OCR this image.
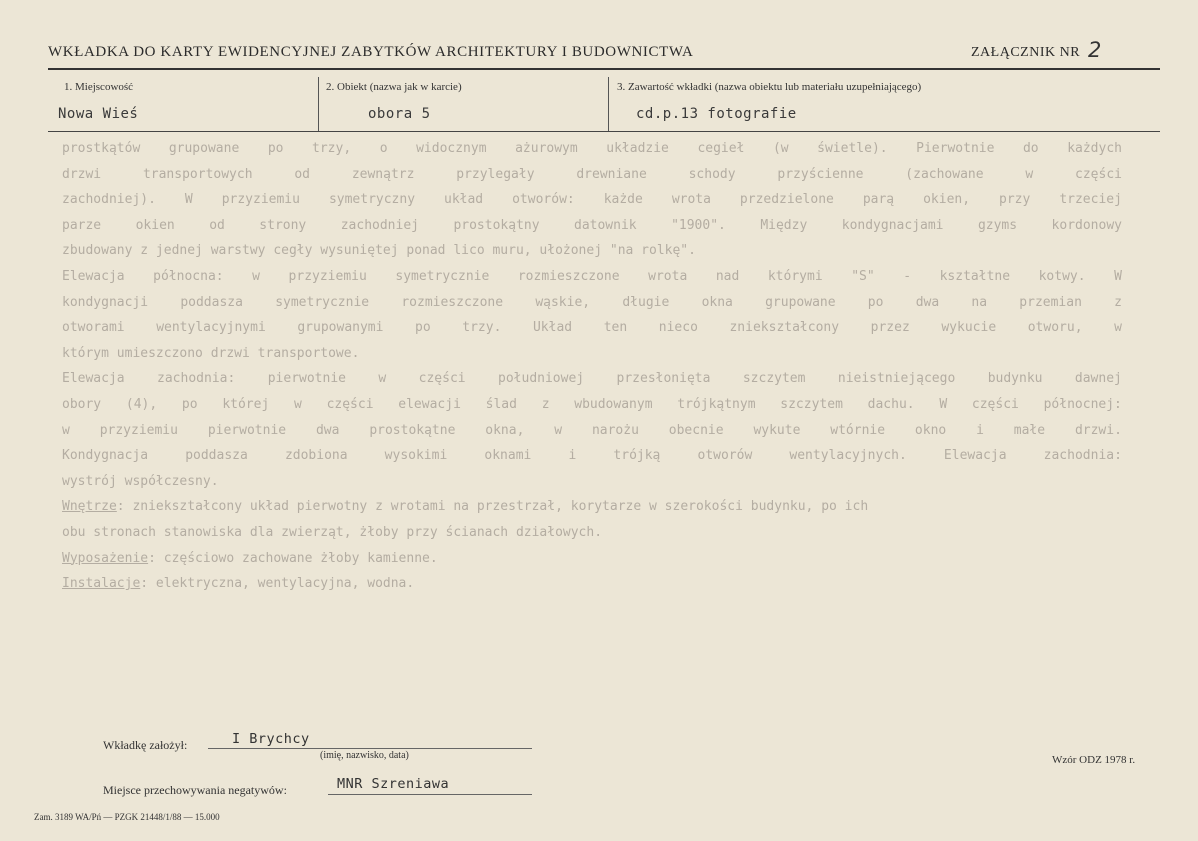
WKŁADKA DO KARTY EWIDENCYJNEJ ZABYTKÓW ARCHITEKTURY I BUDOWNICTWA	ZAŁĄCZNIK NR 2
1. Miejscowość
Nowa Wieś
2. Obiekt (nazwa jak w karcie)
obora 5
3. Zawartość wkładki (nazwa obiektu lub materiału uzupełniającego)
cd.p.13 fotografie
prostkątów grupowane po trzy, o widocznym ażurowym układzie cegieł (w świetle). Pierwotnie do każdych
drzwi	transportowych	od	zewnątrz	przylegały	drewniane	schody	przyścienne	(zachowane	w	części
zachodniej). W przyziemiu symetryczny układ otworów: każde wrota przedzielone parą okien, przy trzeciej
parze	okien	od	strony	zachodniej	prostokątny	datownik	"1900".	Między	kondygnacjami	gzyms	kordonowy
zbudowany z jednej warstwy cegły wysuniętej ponad lico muru, ułożonej "na rolkę".
Elewacja północna: w przyziemiu symetrycznie rozmieszczone wrota nad którymi "S" - kształtne kotwy. W
kondygnacji poddasza symetrycznie rozmieszczone wąskie, długie okna grupowane po dwa na przemian z
otworami wentylacyjnymi grupowanymi po trzy. Układ ten nieco zniekształcony przez wykucie otworu, w
którym umieszczono drzwi transportowe.
Elewacja zachodnia: pierwotnie w części południowej przesłonięta szczytem nieistniejącego budynku dawnej
obory (4), po której w części elewacji ślad z wbudowanym trójkątnym szczytem dachu. W części północnej:
w przyziemiu pierwotnie dwa prostokątne okna, w narożu obecnie wykute wtórnie okno i małe drzwi.
Kondygnacja	poddasza	zdobiona	wysokimi	oknami	i	trójką	otworów	wentylacyjnych.	Elewacja	zachodnia:
wystrój współczesny.
Wnętrze : zniekształcony układ pierwotny z wrotami na przestrzał, korytarze w szerokości budynku, po ich
obu stronach stanowiska dla zwierząt, żłoby przy ścianach działowych.
Wyposażenie : częściowo zachowane żłoby kamienne.
Instalacje : elektryczna, wentylacyjna, wodna.
Wkładkę założył:	I Brychcy
(imię, nazwisko, data)
Miejsce przechowywania negatywów:	MNR Szreniawa
Wzór ODZ 1978 r.
Zam. 3189 WA/Pń — PZGK 21448/1/88 — 15.000
